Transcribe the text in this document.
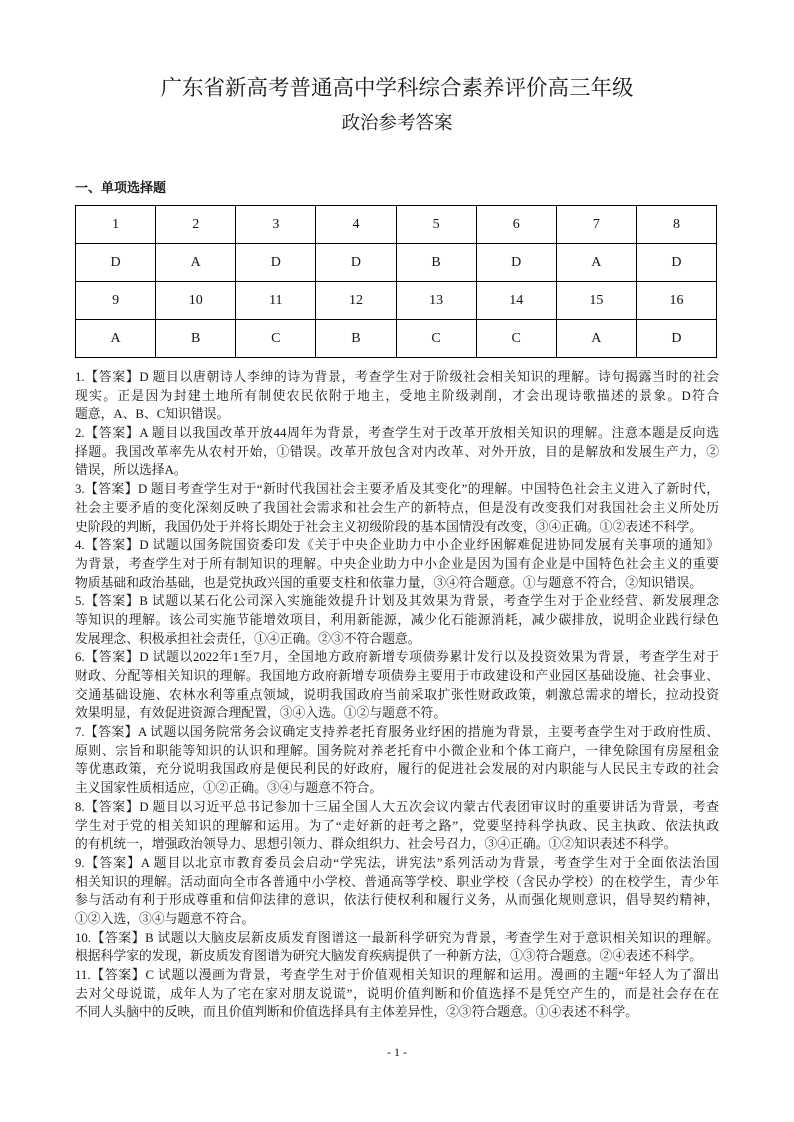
广东省新高考普通高中学科综合素养评价高三年级
政治参考答案
一、单项选择题
1	2	3	4	5	6	7	8
D	A	D	D	B	D	A	D
9	10	11	12	13	14	15	16
A	B	C	B	C	C	A	D
1.【答案】D 题目以唐朝诗人李绅的诗为背景，考查学生对于阶级社会相关知识的理解。诗句揭露当时的社会
现实。正是因为封建土地所有制使农民依附于地主，受地主阶级剥削，才会出现诗歌描述的景象。D符合
题意，A、B、C知识错误。
2.【答案】A 题目以我国改革开放44周年为背景，考查学生对于改革开放相关知识的理解。注意本题是反向选
择题。我国改革率先从农村开始，①错误。改革开放包含对内改革、对外开放，目的是解放和发展生产力，②
错误，所以选择A。
3.【答案】D 题目考查学生对于“新时代我国社会主要矛盾及其变化”的理解。中国特色社会主义进入了新时代，
社会主要矛盾的变化深刻反映了我国社会需求和社会生产的新特点，但是没有改变我们对我国社会主义所处历
史阶段的判断，我国仍处于并将长期处于社会主义初级阶段的基本国情没有改变，③④正确。①②表述不科学。
4.【答案】D 试题以国务院国资委印发《关于中央企业助力中小企业纾困解难促进协同发展有关事项的通知》
为背景，考查学生对于所有制知识的理解。中央企业助力中小企业是因为国有企业是中国特色社会主义的重要
物质基础和政治基础，也是党执政兴国的重要支柱和依靠力量，③④符合题意。①与题意不符合，②知识错误。
5.【答案】B 试题以某石化公司深入实施能效提升计划及其效果为背景，考查学生对于企业经营、新发展理念
等知识的理解。该公司实施节能增效项目，利用新能源，减少化石能源消耗，减少碳排放，说明企业践行绿色
发展理念、积极承担社会责任，①④正确。②③不符合题意。
6.【答案】D 试题以2022年1至7月，全国地方政府新增专项债券累计发行以及投资效果为背景，考查学生对于
财政、分配等相关知识的理解。我国地方政府新增专项债券主要用于市政建设和产业园区基础设施、社会事业、
交通基础设施、农林水利等重点领域，说明我国政府当前采取扩张性财政政策，刺激总需求的增长，拉动投资
效果明显，有效促进资源合理配置，③④入选。①②与题意不符。
7.【答案】A 试题以国务院常务会议确定支持养老托育服务业纾困的措施为背景，主要考查学生对于政府性质、
原则、宗旨和职能等知识的认识和理解。国务院对养老托育中小微企业和个体工商户，一律免除国有房屋租金
等优惠政策，充分说明我国政府是便民利民的好政府，履行的促进社会发展的对内职能与人民民主专政的社会
主义国家性质相适应，①②正确。③④与题意不符合。
8.【答案】D 题目以习近平总书记参加十三届全国人大五次会议内蒙古代表团审议时的重要讲话为背景，考查
学生对于党的相关知识的理解和运用。为了“走好新的赶考之路”，党要坚持科学执政、民主执政、依法执政
的有机统一，增强政治领导力、思想引领力、群众组织力、社会号召力，③④正确。①②知识表述不科学。
9.【答案】A 题目以北京市教育委员会启动“学宪法，讲宪法”系列活动为背景，考查学生对于全面依法治国
相关知识的理解。活动面向全市各普通中小学校、普通高等学校、职业学校（含民办学校）的在校学生，青少年
参与活动有利于形成尊重和信仰法律的意识，依法行使权利和履行义务，从而强化规则意识，倡导契约精神，
①②入选，③④与题意不符合。
10.【答案】B 试题以大脑皮层新皮质发育图谱这一最新科学研究为背景，考查学生对于意识相关知识的理解。
根据科学家的发现，新皮质发育图谱为研究大脑发育疾病提供了一种新方法，①③符合题意。②④表述不科学。
11.【答案】C 试题以漫画为背景，考查学生对于价值观相关知识的理解和运用。漫画的主题“年轻人为了溜出
去对父母说谎，成年人为了宅在家对朋友说谎”，说明价值判断和价值选择不是凭空产生的，而是社会存在在
不同人头脑中的反映，而且价值判断和价值选择具有主体差异性，②③符合题意。①④表述不科学。
- 1 -
